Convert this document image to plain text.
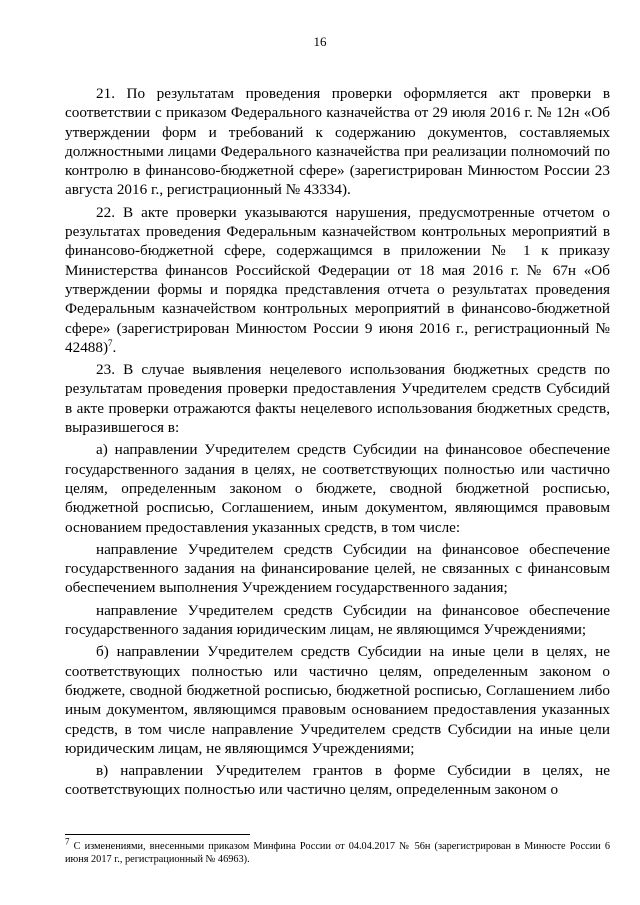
16

21. По результатам проведения проверки оформляется акт проверки в соответствии с приказом Федерального казначейства от 29 июля 2016 г. № 12н «Об утверждении форм и требований к содержанию документов, составляемых должностными лицами Федерального казначейства при реализации полномочий по контролю в финансово-бюджетной сфере» (зарегистрирован Минюстом России 23 августа 2016 г., регистрационный № 43334).

22. В акте проверки указываются нарушения, предусмотренные отчетом о результатах проведения Федеральным казначейством контрольных мероприятий в финансово-бюджетной сфере, содержащимся в приложении № 1 к приказу Министерства финансов Российской Федерации от 18 мая 2016 г. № 67н «Об утверждении формы и порядка представления отчета о результатах проведения Федеральным казначейством контрольных мероприятий в финансово-бюджетной сфере» (зарегистрирован Минюстом России 9 июня 2016 г., регистрационный № 42488)$^7$.

23. В случае выявления нецелевого использования бюджетных средств по результатам проведения проверки предоставления Учредителем средств Субсидий в акте проверки отражаются факты нецелевого использования бюджетных средств, выразившегося в:

а) направлении Учредителем средств Субсидии на финансовое обеспечение государственного задания в целях, не соответствующих полностью или частично целям, определенным законом о бюджете, сводной бюджетной росписью, бюджетной росписью, Соглашением, иным документом, являющимся правовым основанием предоставления указанных средств, в том числе:

направление Учредителем средств Субсидии на финансовое обеспечение государственного задания на финансирование целей, не связанных с финансовым обеспечением выполнения Учреждением государственного задания;

направление Учредителем средств Субсидии на финансовое обеспечение государственного задания юридическим лицам, не являющимся Учреждениями;

б) направлении Учредителем средств Субсидии на иные цели в целях, не соответствующих полностью или частично целям, определенным законом о бюджете, сводной бюджетной росписью, бюджетной росписью, Соглашением либо иным документом, являющимся правовым основанием предоставления указанных средств, в том числе направление Учредителем средств Субсидии на иные цели юридическим лицам, не являющимся Учреждениями;

в) направлении Учредителем грантов в форме Субсидии в целях, не соответствующих полностью или частично целям, определенным законом о

$^7$ С изменениями, внесенными приказом Минфина России от 04.04.2017 № 56н (зарегистрирован в Минюсте России 6 июня 2017 г., регистрационный № 46963).
